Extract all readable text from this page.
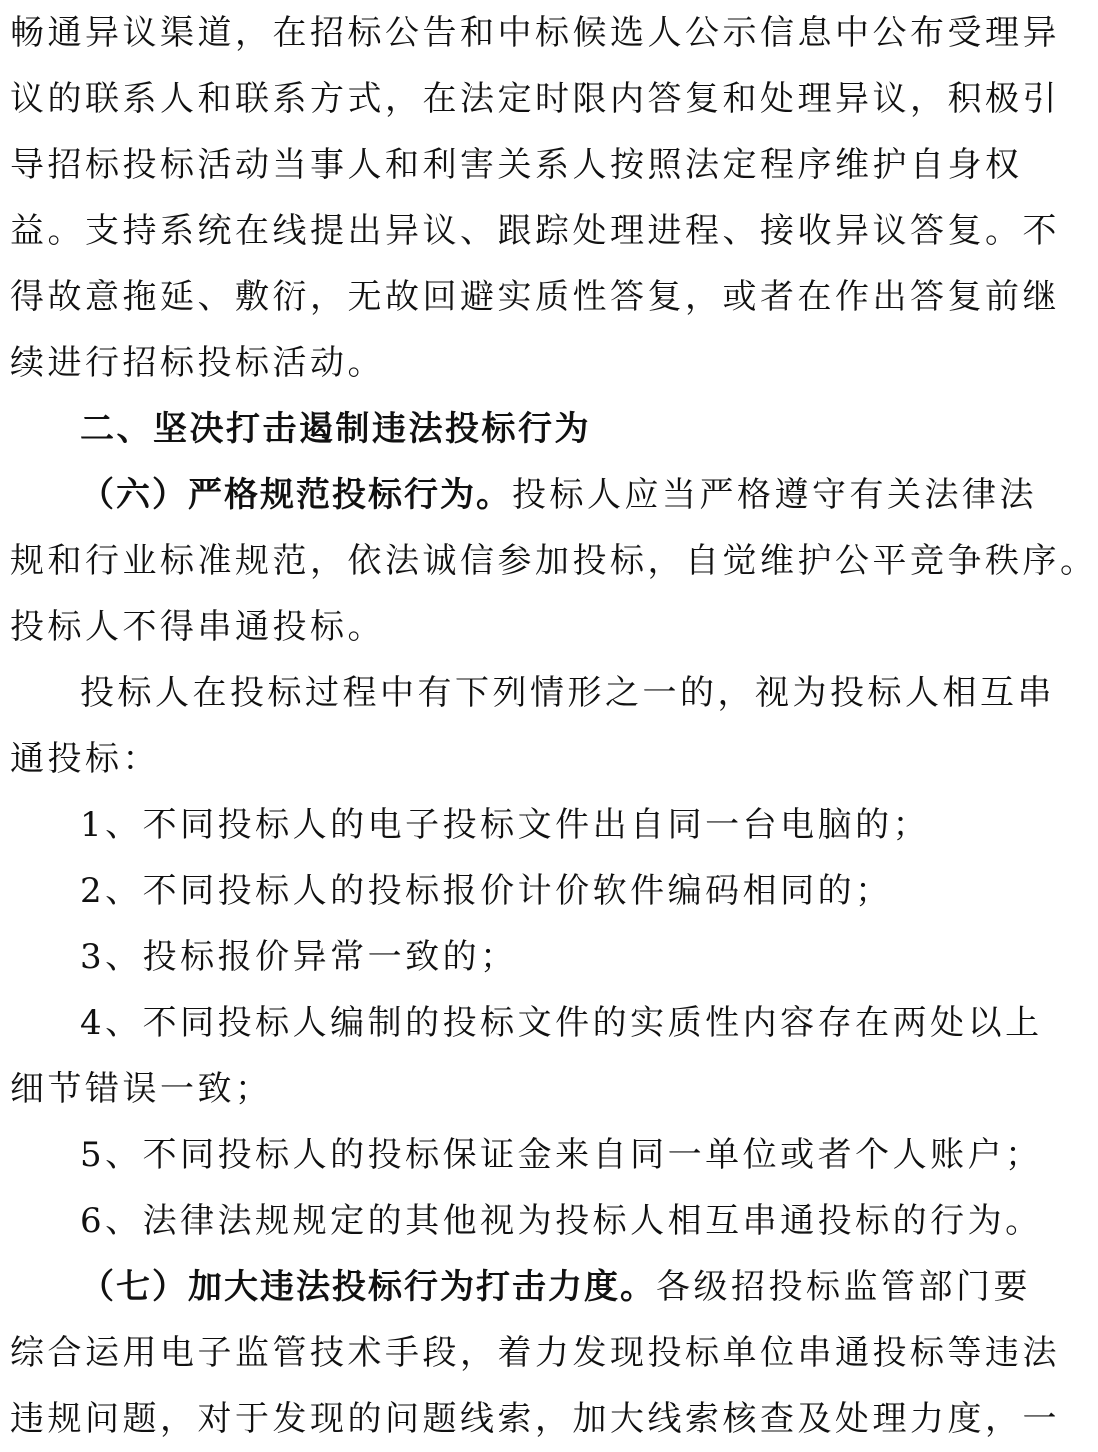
畅通异议渠道，在招标公告和中标候选人公示信息中公布受理异
议的联系人和联系方式，在法定时限内答复和处理异议，积极引
导招标投标活动当事人和利害关系人按照法定程序维护自身权
益。支持系统在线提出异议、跟踪处理进程、接收异议答复。不
得故意拖延、敷衍，无故回避实质性答复，或者在作出答复前继
续进行招标投标活动。
二、坚决打击遏制违法投标行为
（六）严格规范投标行为。投标人应当严格遵守有关法律法
规和行业标准规范，依法诚信参加投标，自觉维护公平竞争秩序。
投标人不得串通投标。
投标人在投标过程中有下列情形之一的，视为投标人相互串
通投标：
1、不同投标人的电子投标文件出自同一台电脑的；
2、不同投标人的投标报价计价软件编码相同的；
3、投标报价异常一致的；
4、不同投标人编制的投标文件的实质性内容存在两处以上
细节错误一致；
5、不同投标人的投标保证金来自同一单位或者个人账户；
6、法律法规规定的其他视为投标人相互串通投标的行为。
（七）加大违法投标行为打击力度。各级招投标监管部门要
综合运用电子监管技术手段，着力发现投标单位串通投标等违法
违规问题，对于发现的问题线索，加大线索核查及处理力度，一
